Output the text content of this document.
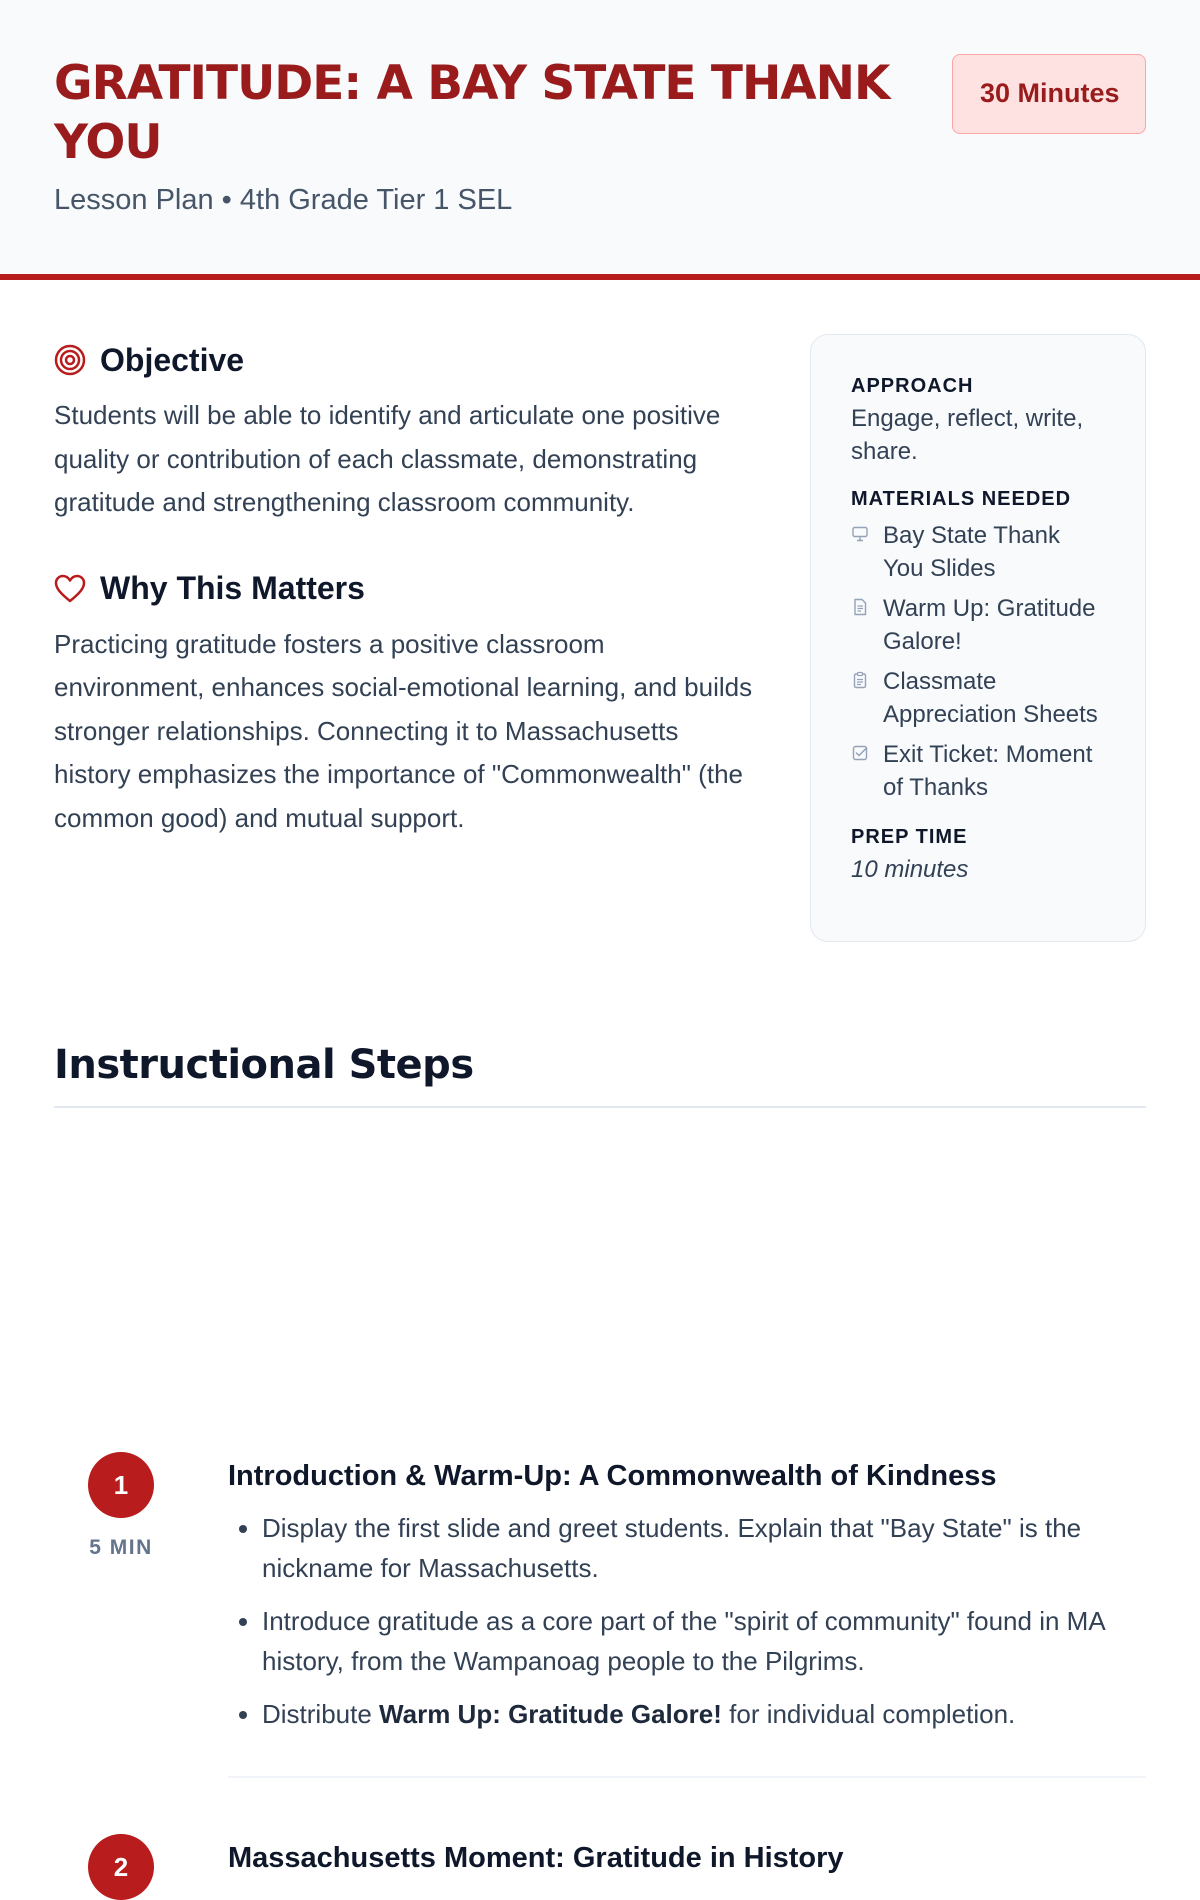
GRATITUDE: A BAY STATE THANK YOU
Lesson Plan • 4th Grade Tier 1 SEL
30 Minutes
Objective

Students will be able to identify and articulate one positive quality or contribution of each classmate, demonstrating gratitude and strengthening classroom community.

Why This Matters

Practicing gratitude fosters a positive classroom environment, enhances social-emotional learning, and builds stronger relationships. Connecting it to Massachusetts history emphasizes the importance of "Commonwealth" (the common good) and mutual support.

APPROACH
Engage, reflect, write, share.
MATERIALS NEEDED
Bay State Thank You Slides
Warm Up: Gratitude Galore!
Classmate Appreciation Sheets
Exit Ticket: Moment of Thanks
PREP TIME
10 minutes
Instructional Steps
1
5 MIN
Introduction & Warm-Up: A Commonwealth of Kindness
• Display the first slide and greet students. Explain that "Bay State" is the nickname for Massachusetts.
• Introduce gratitude as a core part of the "spirit of community" found in MA history, from the Wampanoag people to the Pilgrims.
• Distribute Warm Up: Gratitude Galore! for individual completion.
2	Massachusetts Moment: Gratitude in History
